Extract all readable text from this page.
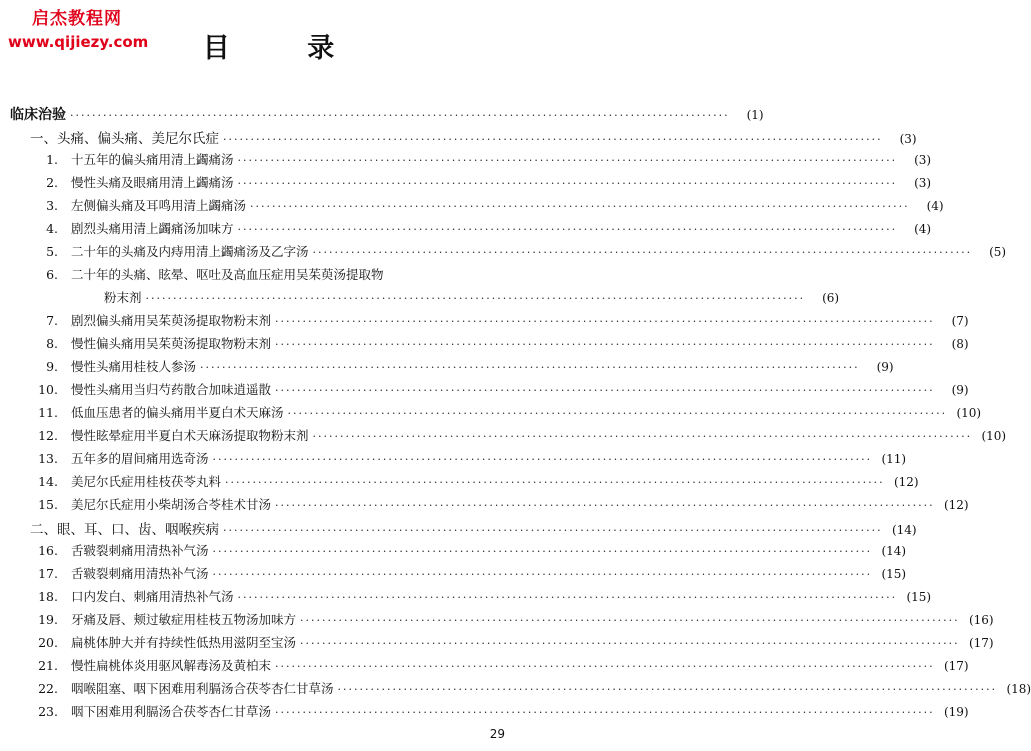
启杰教程网
www.qijiezy.com	目 录
临床治验 ························································································································	(1)
一、头痛、偏头痛、美尼尔氏症 ························································································································	(3)
1. 十五年的偏头痛用清上蠲痛汤 ························································································································	(3)
2. 慢性头痛及眼痛用清上蠲痛汤 ························································································································	(3)
3. 左侧偏头痛及耳鸣用清上蠲痛汤 ························································································································	(4)
4. 剧烈头痛用清上蠲痛汤加味方 ························································································································	(4)
5. 二十年的头痛及内痔用清上蠲痛汤及乙字汤 ························································································································	(5)
6. 二十年的头痛、眩晕、呕吐及高血压症用吴茱萸汤提取物
粉末剂 ························································································································	(6)
7. 剧烈偏头痛用吴茱萸汤提取物粉末剂 ························································································································	(7)
8. 慢性偏头痛用吴茱萸汤提取物粉末剂 ························································································································	(8)
9. 慢性头痛用桂枝人参汤 ························································································································	(9)
10. 慢性头痛用当归芍药散合加味逍遥散 ························································································································	(9)
11. 低血压患者的偏头痛用半夏白术天麻汤 ························································································································ (10)
12. 慢性眩晕症用半夏白术天麻汤提取物粉末剂 ························································································································ (10)
13. 五年多的眉间痛用选奇汤 ························································································································ (11)
14. 美尼尔氏症用桂枝茯苓丸料 ························································································································ (12)
15. 美尼尔氏症用小柴胡汤合苓桂术甘汤 ························································································································ (12)
二、眼、耳、口、齿、咽喉疾病 ························································································································ (14)
16. 舌皲裂刺痛用清热补气汤 ························································································································ (14)
17. 舌皲裂刺痛用清热补气汤 ························································································································ (15)
18. 口内发白、刺痛用清热补气汤 ························································································································ (15)
19. 牙痛及唇、颊过敏症用桂枝五物汤加味方 ························································································································ (16)
20. 扁桃体肿大并有持续性低热用滋阴至宝汤 ························································································································ (17)
21. 慢性扁桃体炎用驱风解毒汤及黄柏末 ························································································································ (17)
22. 咽喉阻塞、咽下困难用利膈汤合茯苓杏仁甘草汤 ························································································································ (18)
23. 咽下困难用利膈汤合茯苓杏仁甘草汤 ························································································································ (19)
29
